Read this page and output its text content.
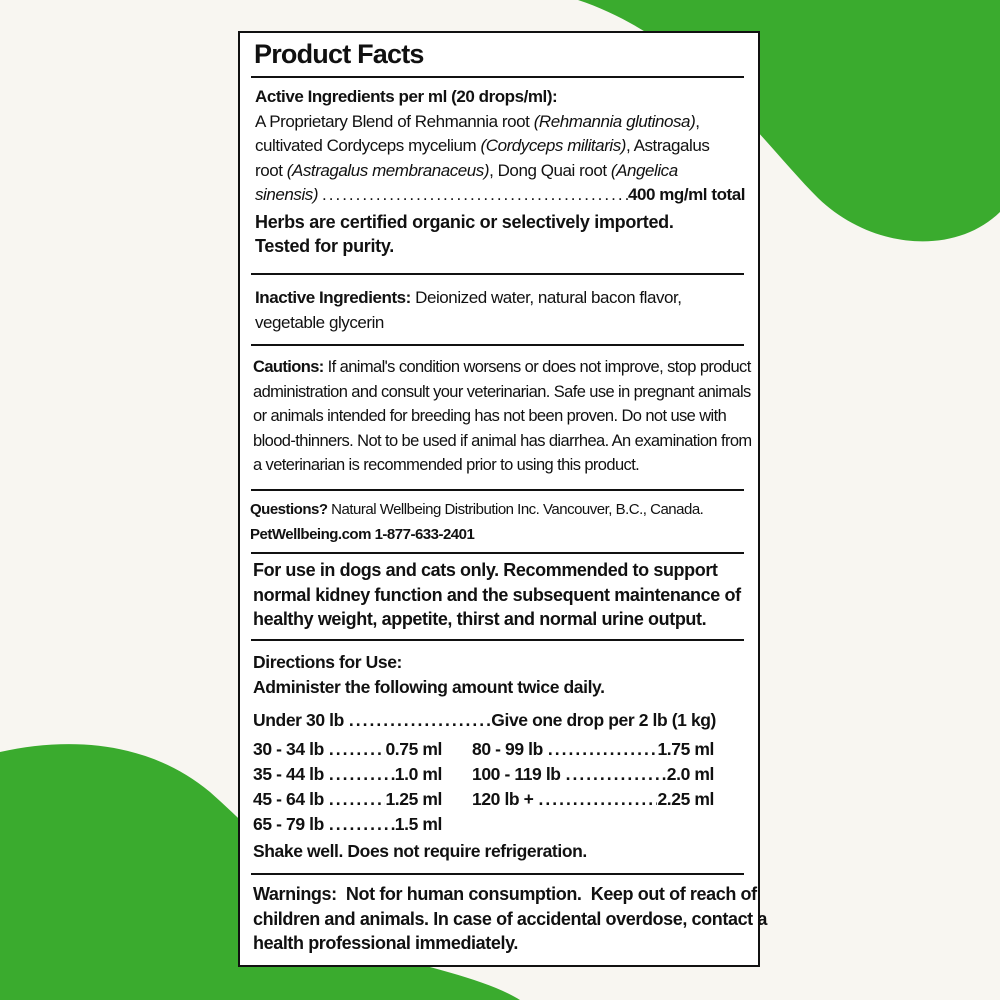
Product Facts
Active Ingredients per ml (20 drops/ml):
A Proprietary Blend of Rehmannia root (Rehmannia glutinosa),
cultivated Cordyceps mycelium (Cordyceps militaris), Astragalus
root (Astragalus membranaceus), Dong Quai root (Angelica
sinensis) .....	400 mg/ml total
Herbs are certified organic or selectively imported.
Tested for purity.
Inactive Ingredients: Deionized water, natural bacon flavor,
vegetable glycerin
Cautions: If animal's condition worsens or does not improve, stop product
administration and consult your veterinarian. Safe use in pregnant animals
or animals intended for breeding has not been proven. Do not use with
blood-thinners. Not to be used if animal has diarrhea. An examination from
a veterinarian is recommended prior to using this product.
Questions? Natural Wellbeing Distribution Inc. Vancouver, B.C., Canada.
PetWellbeing.com 1-877-633-2401
For use in dogs and cats only. Recommended to support
normal kidney function and the subsequent maintenance of
healthy weight, appetite, thirst and normal urine output.
Directions for Use:
Administer the following amount twice daily.
Under 30 lb .....	Give one drop per 2 lb (1 kg)
30 - 34 lb .....	0.75 ml
35 - 44 lb .....	1.0 ml
45 - 64 lb .....	1.25 ml
65 - 79 lb .....	1.5 ml
80 - 99 lb .....	1.75 ml
100 - 119 lb .....	2.0 ml
120 lb + .....	2.25 ml
Shake well. Does not require refrigeration.
Warnings:  Not for human consumption.  Keep out of reach of
children and animals. In case of accidental overdose, contact a
health professional immediately.
